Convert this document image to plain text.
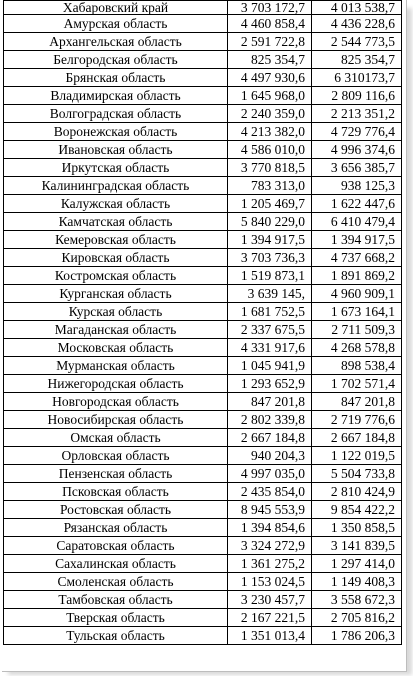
Хабаровский край	3 703 172,7	4 013 538,7
Амурская область	4 460 858,4	4 436 228,6
Архангельская область	2 591 722,8	2 544 773,5
Белгородская область	825 354,7	825 354,7
Брянская область	4 497 930,6	6 310173,7
Владимирская область	1 645 968,0	2 809 116,6
Волгоградская область	2 240 359,0	2 213 351,2
Воронежская область	4 213 382,0	4 729 776,4
Ивановская область	4 586 010,0	4 996 374,6
Иркутская область	3 770 818,5	3 656 385,7
Калининградская область	783 313,0	938 125,3
Калужская область	1 205 469,7	1 622 447,6
Камчатская область	5 840 229,0	6 410 479,4
Кемеровская область	1 394 917,5	1 394 917,5
Кировская область	3 703 736,3	4 737 668,2
Костромская область	1 519 873,1	1 891 869,2
Курганская область	3 639 145,	4 960 909,1
Курская область	1 681 752,5	1 673 164,1
Магаданская область	2 337 675,5	2 711 509,3
Московская область	4 331 917,6	4 268 578,8
Мурманская область	1 045 941,9	898 538,4
Нижегородская область	1 293 652,9	1 702 571,4
Новгородская область	847 201,8	847 201,8
Новосибирская область	2 802 339,8	2 719 776,6
Омская область	2 667 184,8	2 667 184,8
Орловская область	940 204,3	1 122 019,5
Пензенская область	4 997 035,0	5 504 733,8
Псковская область	2 435 854,0	2 810 424,9
Ростовская область	8 945 553,9	9 854 422,2
Рязанская область	1 394 854,6	1 350 858,5
Саратовская область	3 324 272,9	3 141 839,5
Сахалинская область	1 361 275,2	1 297 414,0
Смоленская область	1 153 024,5	1 149 408,3
Тамбовская область	3 230 457,7	3 558 672,3
Тверская область	2 167 221,5	2 705 816,2
Тульская область	1 351 013,4	1 786 206,3
